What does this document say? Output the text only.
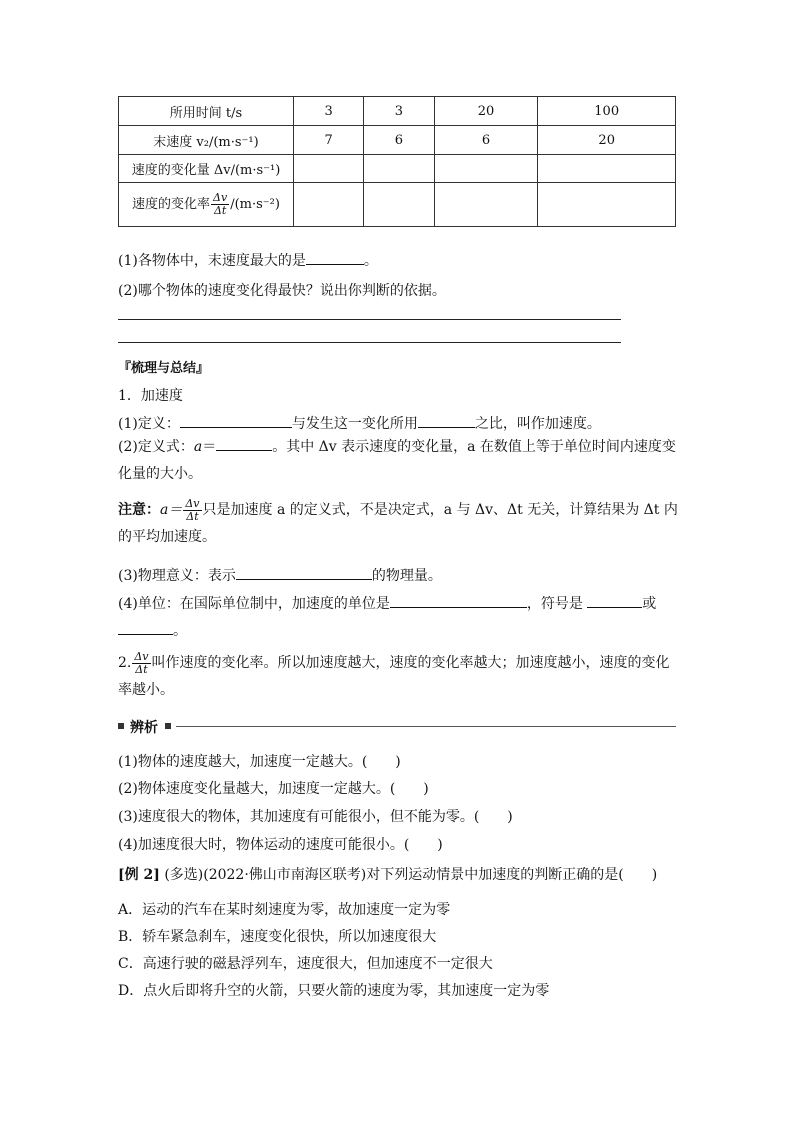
所用时间 t/s	3	3	20	100
末速度 v₂/(m·s⁻¹)	7	6	6	20
速度的变化量 Δv/(m·s⁻¹)				
速度的变化率 $\frac{\Delta v}{\Delta t} /(m\cdot s^{-2})$				
(1)各物体中，末速度最大的是	。
(2)哪个物体的速度变化得最快？说出你判断的依据。
『梳理与总结』
1．加速度
(1)定义：	与发生这一变化所用	之比，叫作加速度。
(2)定义式：a＝	。其中 Δv 表示速度的变化量，a 在数值上等于单位时间内速度变化量的大小。
注意：$a= \frac{\Delta v}{\Delta t}$ 只是加速度 a 的定义式，不是决定式，a 与 Δv、Δt 无关，计算结果为 Δt 内的平均加速度。
(3)物理意义：表示	的物理量。
(4)单位：在国际单位制中，加速度的单位是	，符号是	或
。
2. $\frac{\Delta v}{\Delta t}$ 叫作速度的变化率。所以加速度越大，速度的变化率越大；加速度越小，速度的变化率越小。
辨析
(1)物体的速度越大，加速度一定越大。(　　)
(2)物体速度变化量越大，加速度一定越大。(　　)
(3)速度很大的物体，其加速度有可能很小，但不能为零。(　　)
(4)加速度很大时，物体运动的速度可能很小。(　　)
[例 2] (多选)(2022·佛山市南海区联考)对下列运动情景中加速度的判断正确的是(　　)
A．运动的汽车在某时刻速度为零，故加速度一定为零
B．轿车紧急刹车，速度变化很快，所以加速度很大
C．高速行驶的磁悬浮列车，速度很大，但加速度不一定很大
D．点火后即将升空的火箭，只要火箭的速度为零，其加速度一定为零
